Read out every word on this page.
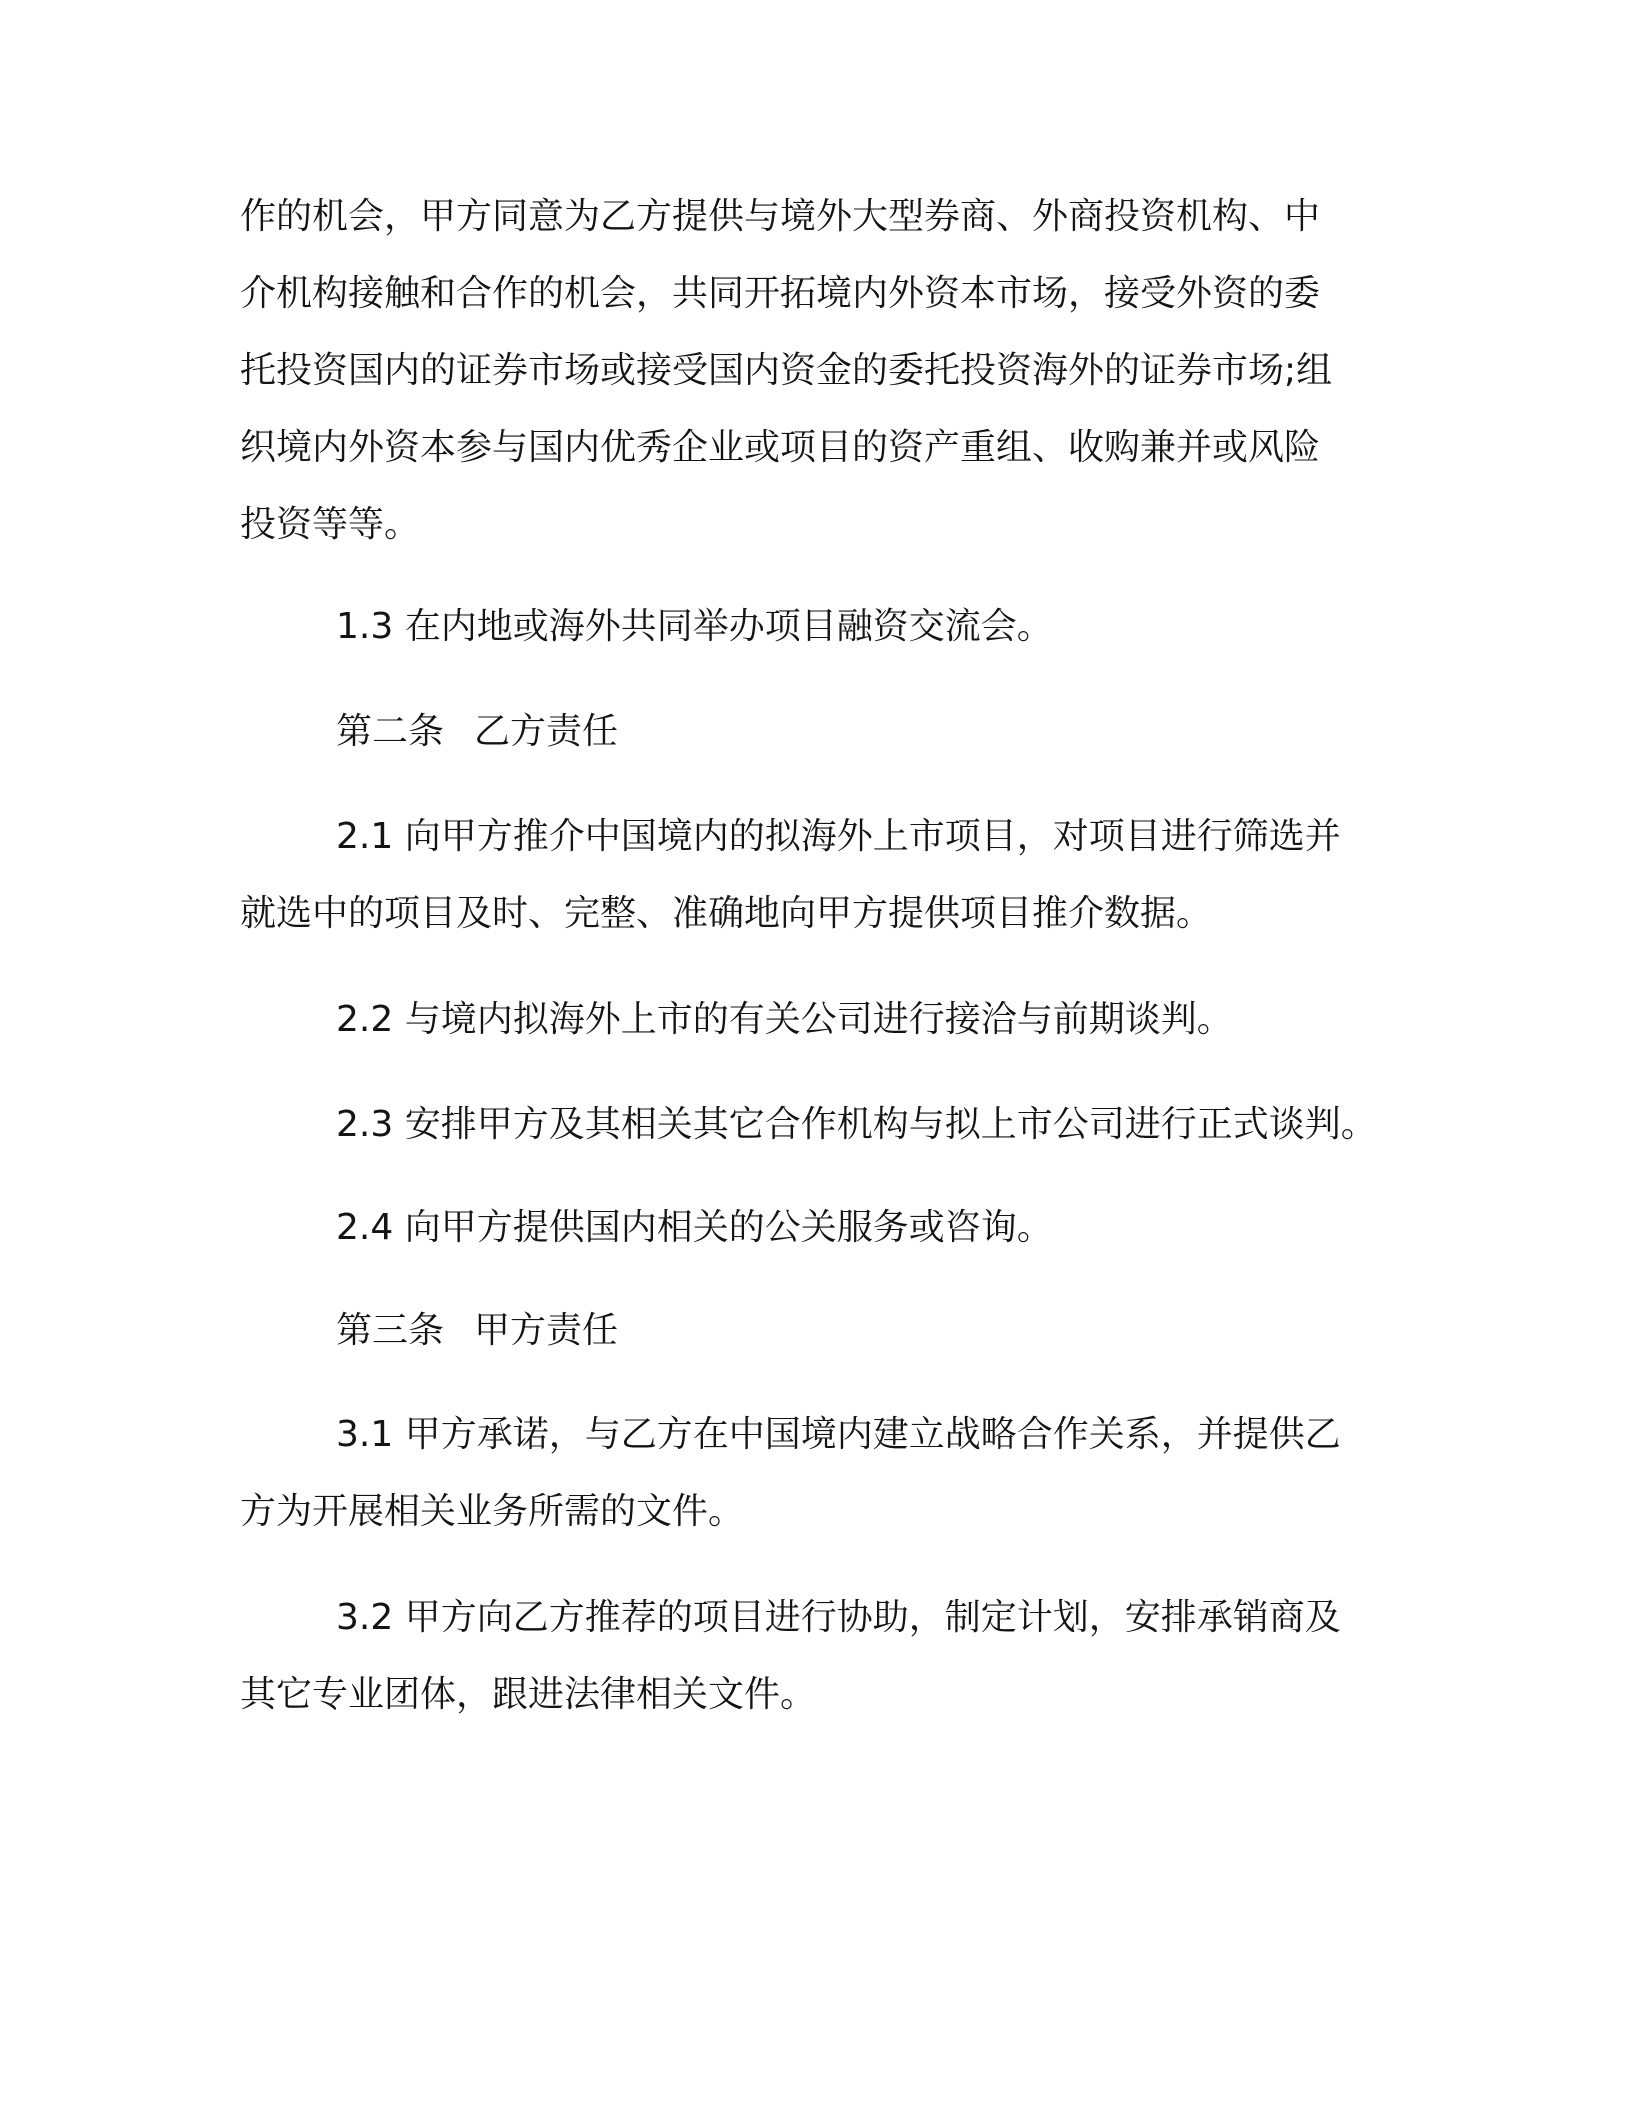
作的机会，甲方同意为乙方提供与境外大型券商、外商投资机构、中
介机构接触和合作的机会，共同开拓境内外资本市场，接受外资的委
托投资国内的证券市场或接受国内资金的委托投资海外的证券市场;组
织境内外资本参与国内优秀企业或项目的资产重组、收购兼并或风险
投资等等。

1.3 在内地或海外共同举办项目融资交流会。

第二条 乙方责任

2.1 向甲方推介中国境内的拟海外上市项目，对项目进行筛选并
就选中的项目及时、完整、准确地向甲方提供项目推介数据。

2.2 与境内拟海外上市的有关公司进行接洽与前期谈判。

2.3 安排甲方及其相关其它合作机构与拟上市公司进行正式谈判。

2.4 向甲方提供国内相关的公关服务或咨询。

第三条 甲方责任

3.1 甲方承诺，与乙方在中国境内建立战略合作关系，并提供乙
方为开展相关业务所需的文件。

3.2 甲方向乙方推荐的项目进行协助，制定计划，安排承销商及
其它专业团体，跟进法律相关文件。
